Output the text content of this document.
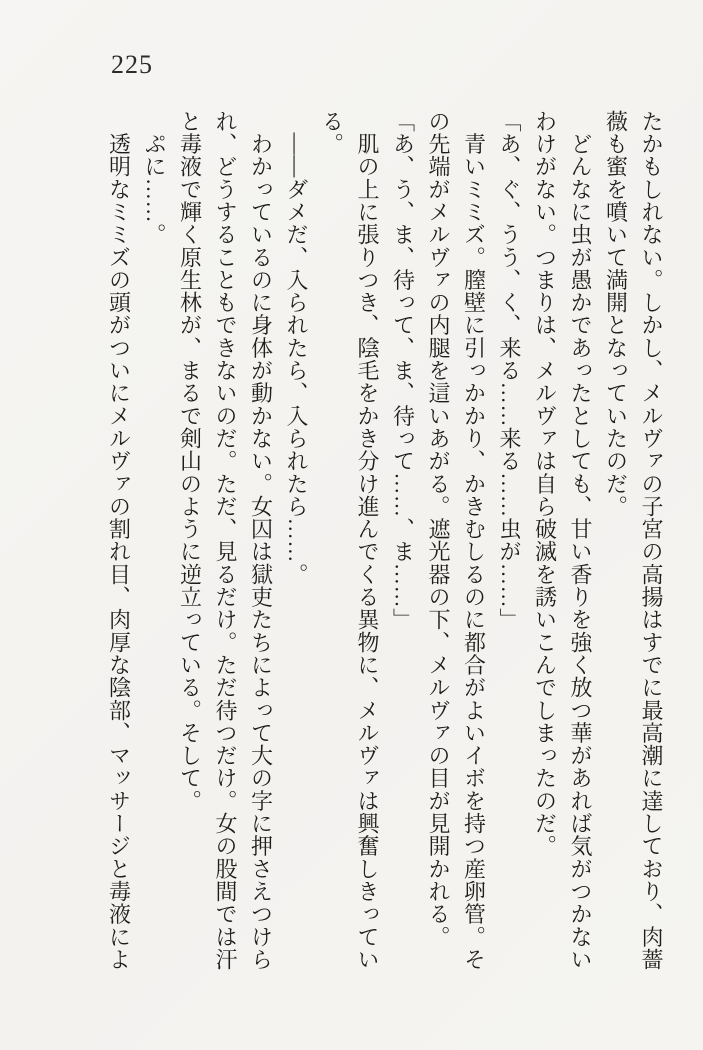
225

たかもしれない。しかし、メルヴァの子宮の高揚はすでに最高潮に達しており、肉薔薇も蜜を噴いて満開となっていたのだ。

　どんなに虫が愚かであったとしても、甘い香りを強く放つ華があれば気がつかないわけがない。つまりは、メルヴァは自ら破滅を誘いこんでしまったのだ。

「あ、ぐ、うう、く、来る……来る……虫が……」

　青いミミズ。膣壁に引っかかり、かきむしるのに都合がよいイボを持つ産卵管。その先端がメルヴァの内腿を這いあがる。遮光器の下、メルヴァの目が見開かれる。

「あ、う、ま、待って、ま、待って……、ま……」

　肌の上に張りつき、陰毛をかき分け進んでくる異物に、メルヴァは興奮しきっている。

　――ダメだ、入られたら、入られたら……。

　わかっているのに身体が動かない。女囚は獄吏たちによって大の字に押さえつけられ、どうすることもできないのだ。ただ、見るだけ。ただ待つだけ。女の股間では汗と毒液で輝く原生林が、まるで剣山のように逆立っている。そして。

　ぷに……。

　透明なミミズの頭がついにメルヴァの割れ目、肉厚な陰部、マッサージと毒液によ
